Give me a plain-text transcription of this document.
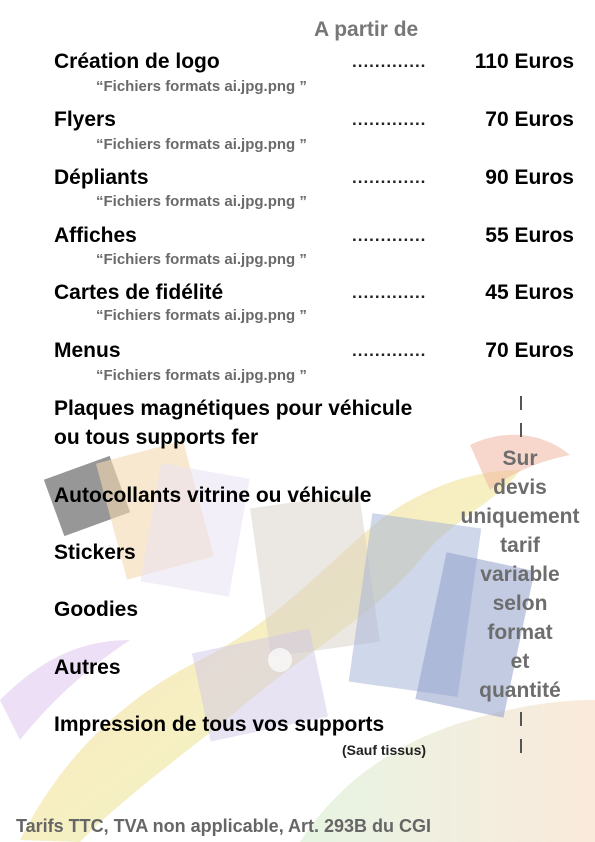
A partir de
Création de logo	.............	110 Euros
“Fichiers formats ai.jpg.png ”
Flyers	.............	70 Euros
“Fichiers formats ai.jpg.png ”
Dépliants	.............	90 Euros
“Fichiers formats ai.jpg.png ”
Affiches	.............	55 Euros
“Fichiers formats ai.jpg.png ”
Cartes de fidélité	.............	45 Euros
“Fichiers formats ai.jpg.png ”
Menus	.............	70 Euros
“Fichiers formats ai.jpg.png ”
Plaques magnétiques pour véhicule
ou tous supports fer
Autocollants vitrine ou véhicule
Stickers
Goodies
Autres
Impression de tous vos supports
(Sauf tissus)
Sur
devis
uniquement
tarif
variable
selon
format
et
quantité
Tarifs TTC, TVA non applicable, Art. 293B du CGI
